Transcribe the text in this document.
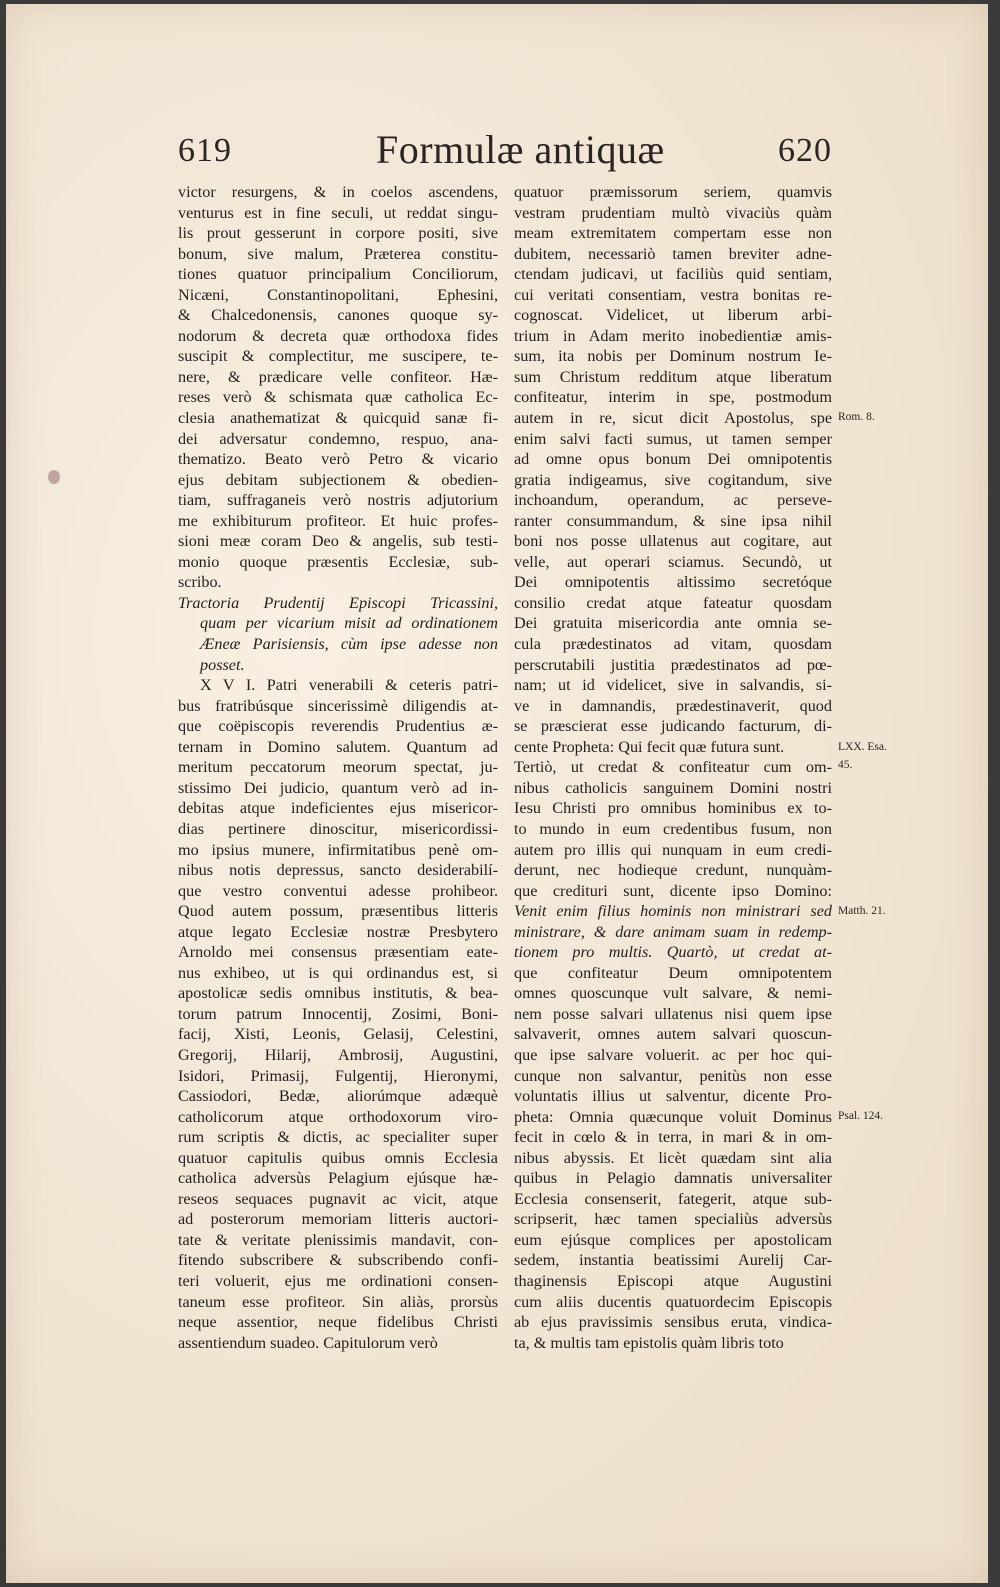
619	Formulæ antiquæ	620
victor resurgens, & in coelos ascendens,
venturus est in fine seculi, ut reddat singu-
lis prout gesserunt in corpore positi, sive
bonum, sive malum, Præterea constitu-
tiones quatuor principalium Conciliorum,
Nicæni, Constantinopolitani, Ephesini,
& Chalcedonensis, canones quoque sy-
nodorum & decreta quæ orthodoxa fides
suscipit & complectitur, me suscipere, te-
nere, & prædicare velle confiteor. Hæ-
reses verò & schismata quæ catholica Ec-
clesia anathematizat & quicquid sanæ fi-
dei adversatur condemno, respuo, ana-
thematizo. Beato verò Petro & vicario
ejus debitam subjectionem & obedien-
tiam, suffraganeis verò nostris adjutorium
me exhibiturum profiteor. Et huic profes-
sioni meæ coram Deo & angelis, sub testi-
monio quoque præsentis Ecclesiæ, sub-
scribo.
Tractoria Prudentij Episcopi Tricassini,
quam per vicarium misit ad ordinationem
Æneæ Parisiensis, cùm ipse adesse non
posset.
X V I. Patri venerabili & ceteris patri-
bus fratribúsque sincerissimè diligendis at-
que coëpiscopis reverendis Prudentius æ-
ternam in Domino salutem. Quantum ad
meritum peccatorum meorum spectat, ju-
stissimo Dei judicio, quantum verò ad in-
debitas atque indeficientes ejus misericor-
dias pertinere dinoscitur, misericordissi-
mo ipsius munere, infirmitatibus penè om-
nibus notis depressus, sancto desiderabilí-
que vestro conventui adesse prohibeor.
Quod autem possum, præsentibus litteris
atque legato Ecclesiæ nostræ Presbytero
Arnoldo mei consensus præsentiam eate-
nus exhibeo, ut is qui ordinandus est, si
apostolicæ sedis omnibus institutis, & bea-
torum patrum Innocentij, Zosimi, Boni-
facij, Xisti, Leonis, Gelasij, Celestini,
Gregorij, Hilarij, Ambrosij, Augustini,
Isidori, Primasij, Fulgentij, Hieronymi,
Cassiodori, Bedæ, aliorúmque adæquè
catholicorum atque orthodoxorum viro-
rum scriptis & dictis, ac specialiter super
quatuor capitulis quibus omnis Ecclesia
catholica adversùs Pelagium ejúsque hæ-
reseos sequaces pugnavit ac vicit, atque
ad posterorum memoriam litteris auctori-
tate & veritate plenissimis mandavit, con-
fitendo subscribere & subscribendo confi-
teri voluerit, ejus me ordinationi consen-
taneum esse profiteor. Sin aliàs, prorsùs
neque assentior, neque fidelibus Christi
assentiendum suadeo. Capitulorum verò
quatuor præmissorum seriem, quamvis
vestram prudentiam multò vivaciùs quàm
meam extremitatem compertam esse non
dubitem, necessariò tamen breviter adne-
ctendam judicavi, ut faciliùs quid sentiam,
cui veritati consentiam, vestra bonitas re-
cognoscat. Videlicet, ut liberum arbi-
trium in Adam merito inobedientiæ amis-
sum, ita nobis per Dominum nostrum Ie-
sum Christum redditum atque liberatum
confiteatur, interim in spe, postmodum
autem in re, sicut dicit Apostolus, spe
enim salvi facti sumus, ut tamen semper
ad omne opus bonum Dei omnipotentis
gratia indigeamus, sive cogitandum, sive
inchoandum, operandum, ac perseve-
ranter consummandum, & sine ipsa nihil
boni nos posse ullatenus aut cogitare, aut
velle, aut operari sciamus. Secundò, ut
Dei omnipotentis altissimo secretóque
consilio credat atque fateatur quosdam
Dei gratuita misericordia ante omnia se-
cula prædestinatos ad vitam, quosdam
perscrutabili justitia prædestinatos ad pœ-
nam; ut id videlicet, sive in salvandis, si-
ve in damnandis, prædestinaverit, quod
se præscierat esse judicando facturum, di-
cente Propheta: Qui fecit quæ futura sunt.
Tertiò, ut credat & confiteatur cum om-
nibus catholicis sanguinem Domini nostri
Iesu Christi pro omnibus hominibus ex to-
to mundo in eum credentibus fusum, non
autem pro illis qui nunquam in eum credi-
derunt, nec hodieque credunt, nunquàm-
que credituri sunt, dicente ipso Domino:
Venit enim filius hominis non ministrari sed
ministrare, & dare animam suam in redemp-
tionem pro multis. Quartò, ut credat at-
que confiteatur Deum omnipotentem
omnes quoscunque vult salvare, & nemi-
nem posse salvari ullatenus nisi quem ipse
salvaverit, omnes autem salvari quoscun-
que ipse salvare voluerit. ac per hoc qui-
cunque non salvantur, penitùs non esse
voluntatis illius ut salventur, dicente Pro-
pheta: Omnia quæcunque voluit Dominus
fecit in cœlo & in terra, in mari & in om-
nibus abyssis. Et licèt quædam sint alia
quibus in Pelagio damnatis universaliter
Ecclesia consenserit, fategerit, atque sub-
scripserit, hæc tamen specialiùs adversùs
eum ejúsque complices per apostolicam
sedem, instantia beatissimi Aurelij Car-
thaginensis Episcopi atque Augustini
cum aliis ducentis quatuordecim Episcopis
ab ejus pravissimis sensibus eruta, vindica-
ta, & multis tam epistolis quàm libris toto
Rom. 8.
LXX. Esa.
45.
Matth. 21.
Psal. 124.
